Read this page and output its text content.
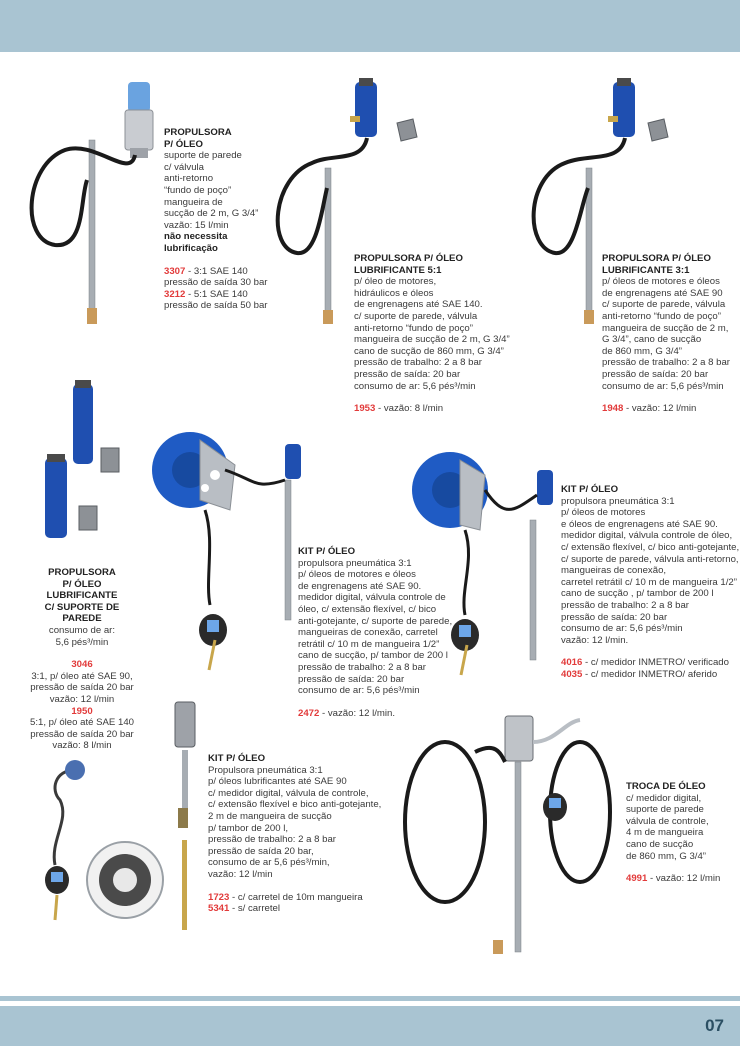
07

PROPULSORA

P/ ÓLEO

suporte de parede

c/ válvula

anti-retorno

“fundo de poço”

mangueira de

sucção de 2 m, G 3/4”

vazão: 15 l/min

não necessita

lubrificação

3307 - 3:1 SAE 140

pressão de saída 30 bar

3212 - 5:1 SAE 140

pressão de saída 50 bar

PROPULSORA P/ ÓLEO

LUBRIFICANTE 5:1

p/ óleo de motores,

hidráulicos e óleos

de engrenagens até SAE 140.

c/ suporte de parede, válvula

anti-retorno “fundo de poço”

mangueira de sucção de 2 m, G 3/4”

cano de sucção de 860 mm, G 3/4”

pressão de trabalho: 2 a 8 bar

pressão de saída: 20 bar

consumo de ar: 5,6 pés³/min

1953 - vazão: 8 l/min

PROPULSORA P/ ÓLEO

LUBRIFICANTE 3:1

p/ óleos de motores e óleos

de engrenagens até SAE 90

c/ suporte de parede, válvula

anti-retorno “fundo de poço”

mangueira de sucção de 2 m,

G 3/4”, cano de sucção

de 860 mm, G 3/4”

pressão de trabalho: 2 a 8 bar

pressão de saída: 20 bar

consumo de ar: 5,6 pés³/min

1948 - vazão: 12 l/min

PROPULSORA

P/ ÓLEO LUBRIFICANTE

C/ SUPORTE DE PAREDE

consumo de ar:

5,6 pés³/min

3046

3:1, p/ óleo até SAE 90,

pressão de saída 20 bar

vazão: 12 l/min

1950

5:1, p/ óleo até SAE 140

pressão de saída 20 bar

vazão: 8 l/min

KIT P/ ÓLEO

propulsora pneumática 3:1

p/ óleos de motores e óleos

de engrenagens até SAE 90.

medidor digital, válvula controle de

óleo, c/ extensão flexível, c/ bico

anti-gotejante, c/ suporte de parede,

mangueiras de conexão, carretel

retrátil c/ 10 m de mangueira 1/2”

cano de sucção, p/ tambor de 200 l

pressão de trabalho: 2 a 8 bar

pressão de saída: 20 bar

consumo de ar: 5,6 pés³/min

2472 - vazão: 12 l/min.

KIT P/ ÓLEO

propulsora pneumática 3:1

p/ óleos de motores

e óleos de engrenagens até SAE 90.

medidor digital, válvula controle de óleo,

c/ extensão flexível, c/ bico anti-gotejante,

c/ suporte de parede, válvula anti-retorno,

mangueiras de conexão,

carretel retrátil c/ 10 m de mangueira 1/2”

cano de sucção , p/ tambor de 200 l

pressão de trabalho: 2 a 8 bar

pressão de saída: 20 bar

consumo de ar: 5,6 pés³/min

vazão: 12 l/min.

4016 - c/ medidor INMETRO/ verificado

4035 - c/ medidor INMETRO/ aferido

KIT P/ ÓLEO

Propulsora pneumática 3:1

p/ óleos lubrificantes até SAE 90

c/ medidor digital, válvula de controle,

c/ extensão flexível e bico anti-gotejante,

2 m de mangueira de sucção

p/ tambor de 200 l,

pressão de trabalho: 2 a 8 bar

pressão de saída 20 bar,

consumo de ar 5,6 pés³/min,

vazão: 12 l/min

1723 - c/ carretel de 10m mangueira

5341 - s/ carretel

TROCA DE ÓLEO

c/ medidor digital,

suporte de parede

válvula de controle,

4 m de mangueira

cano de sucção

de 860 mm, G 3/4”

4991 - vazão: 12 l/min
